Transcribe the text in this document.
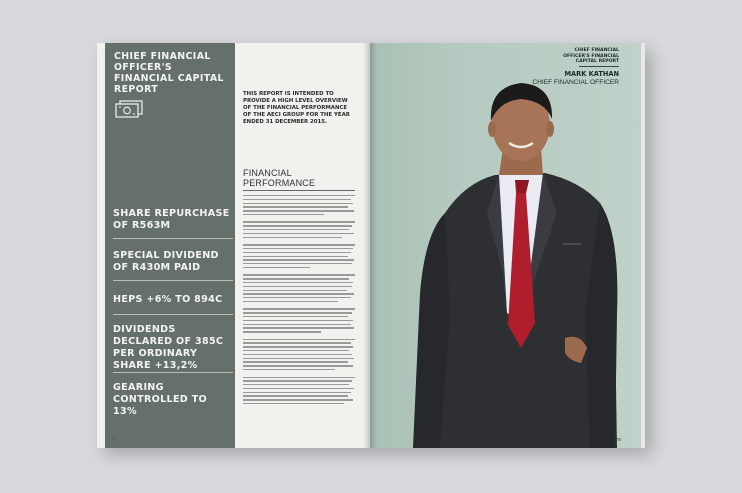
CHIEF FINANCIAL OFFICER'S FINANCIAL CAPITAL REPORT
SHARE REPURCHASE OF R563M
SPECIAL DIVIDEND OF R430M PAID
HEPS +6% TO 894C
DIVIDENDS DECLARED OF 385C PER ORDINARY SHARE +13,2%
GEARING CONTROLLED TO 13%
THIS REPORT IS INTENDED TO PROVIDE A HIGH LEVEL OVERVIEW OF THE FINANCIAL PERFORMANCE OF THE AECI GROUP FOR THE YEAR ENDED 31 DECEMBER 2015.
FINANCIAL PERFORMANCE
74
CHIEF FINANCIAL OFFICER'S FINANCIAL CAPITAL REPORT
MARK KATHAN
CHIEF FINANCIAL OFFICER
75
